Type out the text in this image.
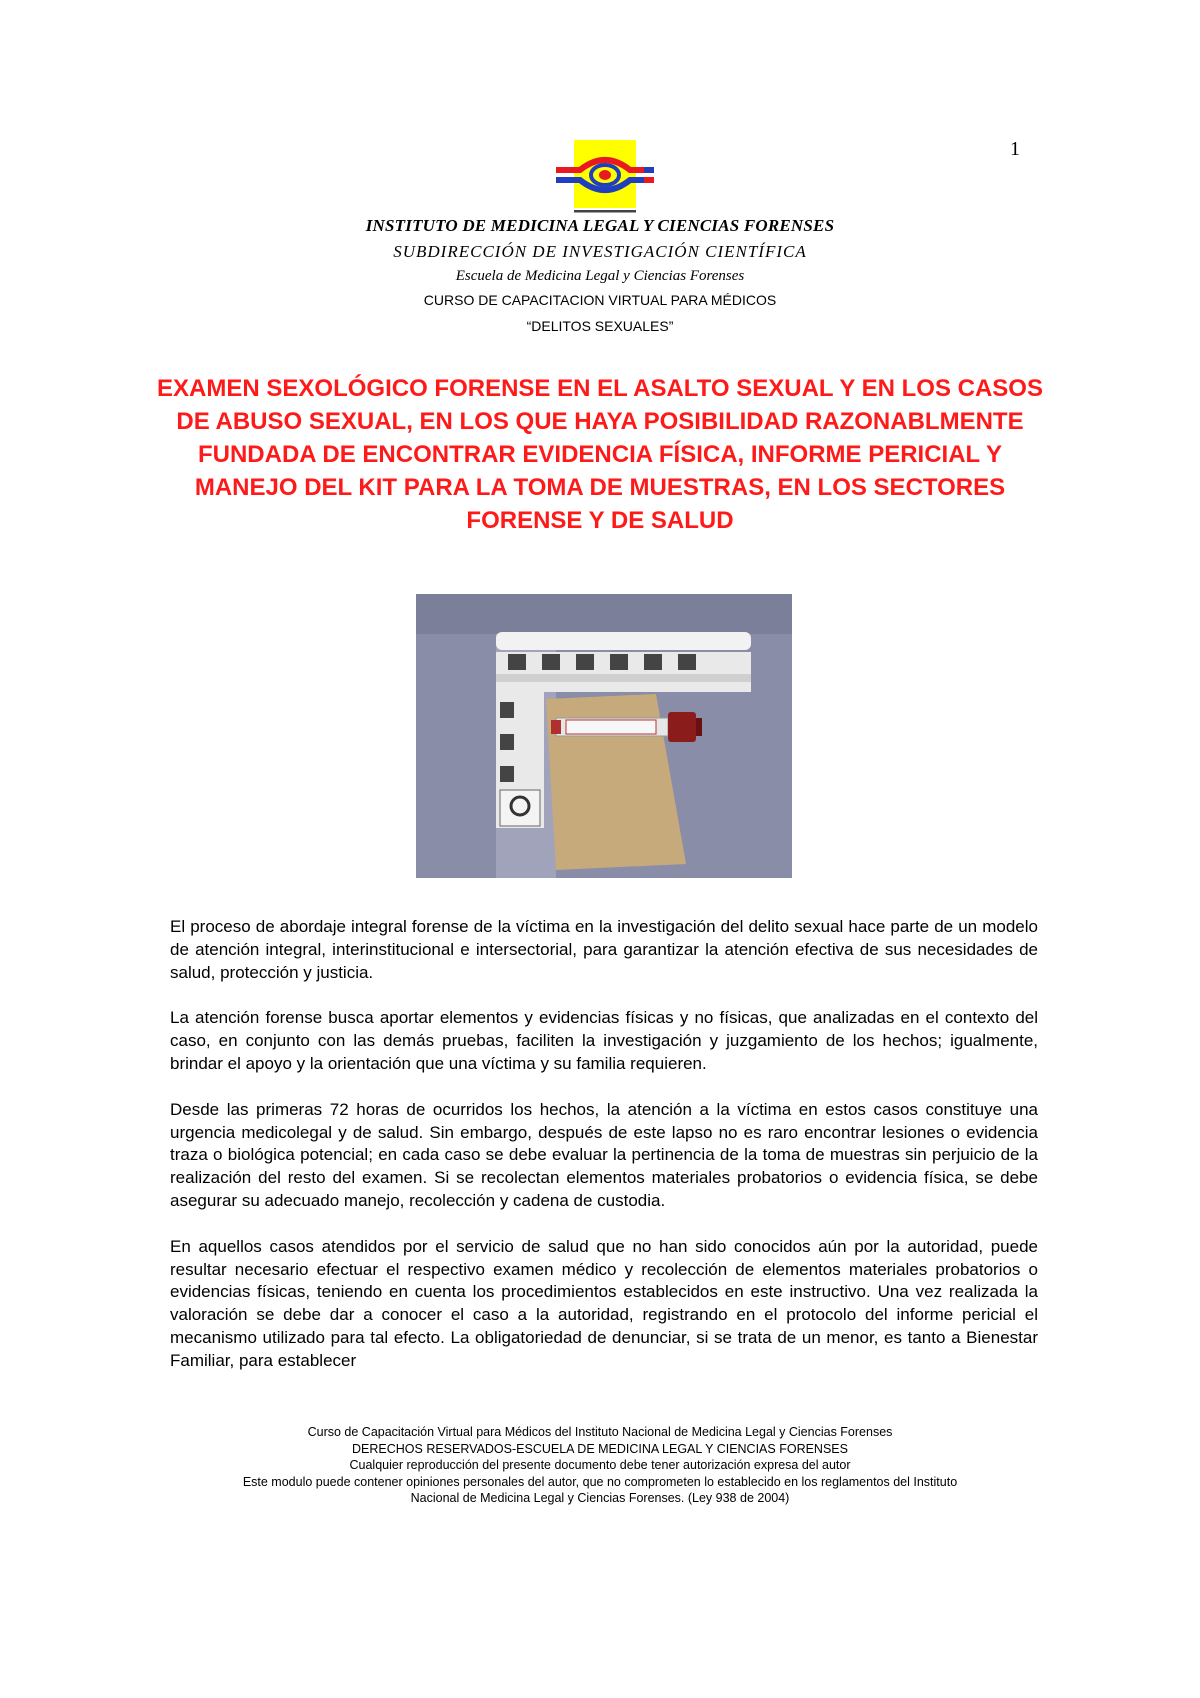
1
INSTITUTO DE MEDICINA LEGAL Y CIENCIAS FORENSES
SUBDIRECCIÓN DE INVESTIGACIÓN CIENTÍFICA
Escuela de Medicina Legal y Ciencias Forenses
CURSO DE CAPACITACION VIRTUAL PARA MÉDICOS
“DELITOS SEXUALES”
EXAMEN SEXOLÓGICO FORENSE EN EL ASALTO SEXUAL Y EN LOS CASOS DE ABUSO SEXUAL, EN LOS QUE HAYA POSIBILIDAD RAZONABLMENTE FUNDADA DE ENCONTRAR EVIDENCIA FÍSICA, INFORME PERICIAL Y MANEJO DEL KIT PARA LA TOMA DE MUESTRAS, EN LOS SECTORES FORENSE Y DE SALUD

El proceso de abordaje integral forense de la víctima en la investigación del delito sexual hace parte de un modelo de atención integral, interinstitucional e intersectorial, para garantizar la atención efectiva de sus necesidades de salud, protección y justicia.

La atención forense busca aportar elementos y evidencias físicas y no físicas, que analizadas en el contexto del caso, en conjunto con las demás pruebas, faciliten la investigación y juzgamiento de los hechos; igualmente, brindar el apoyo y la orientación que una víctima y su familia requieren.

Desde las primeras 72 horas de ocurridos los hechos, la atención a la víctima en estos casos constituye una urgencia medicolegal y de salud. Sin embargo, después de este lapso no es raro encontrar lesiones o evidencia traza o biológica potencial; en cada caso se debe evaluar la pertinencia de la toma de muestras sin perjuicio de la realización del resto del examen. Si se recolectan elementos materiales probatorios o evidencia física, se debe asegurar su adecuado manejo, recolección y cadena de custodia.

En aquellos casos atendidos por el servicio de salud que no han sido conocidos aún por la autoridad, puede resultar necesario efectuar el respectivo examen médico y recolección de elementos materiales probatorios o evidencias físicas, teniendo en cuenta los procedimientos establecidos en este instructivo. Una vez realizada la valoración se debe dar a conocer el caso a la autoridad, registrando en el protocolo del informe pericial el mecanismo utilizado para tal efecto. La obligatoriedad de denunciar, si se trata de un menor, es tanto a Bienestar Familiar, para establecer

Curso de Capacitación Virtual para Médicos del Instituto Nacional de Medicina Legal y Ciencias Forenses
DERECHOS RESERVADOS-ESCUELA DE MEDICINA LEGAL Y CIENCIAS FORENSES
Cualquier reproducción del presente documento debe tener autorización expresa del autor
Este modulo puede contener opiniones personales del autor, que no comprometen lo establecido en los reglamentos del Instituto
Nacional de Medicina Legal y Ciencias Forenses. (Ley 938 de 2004)
